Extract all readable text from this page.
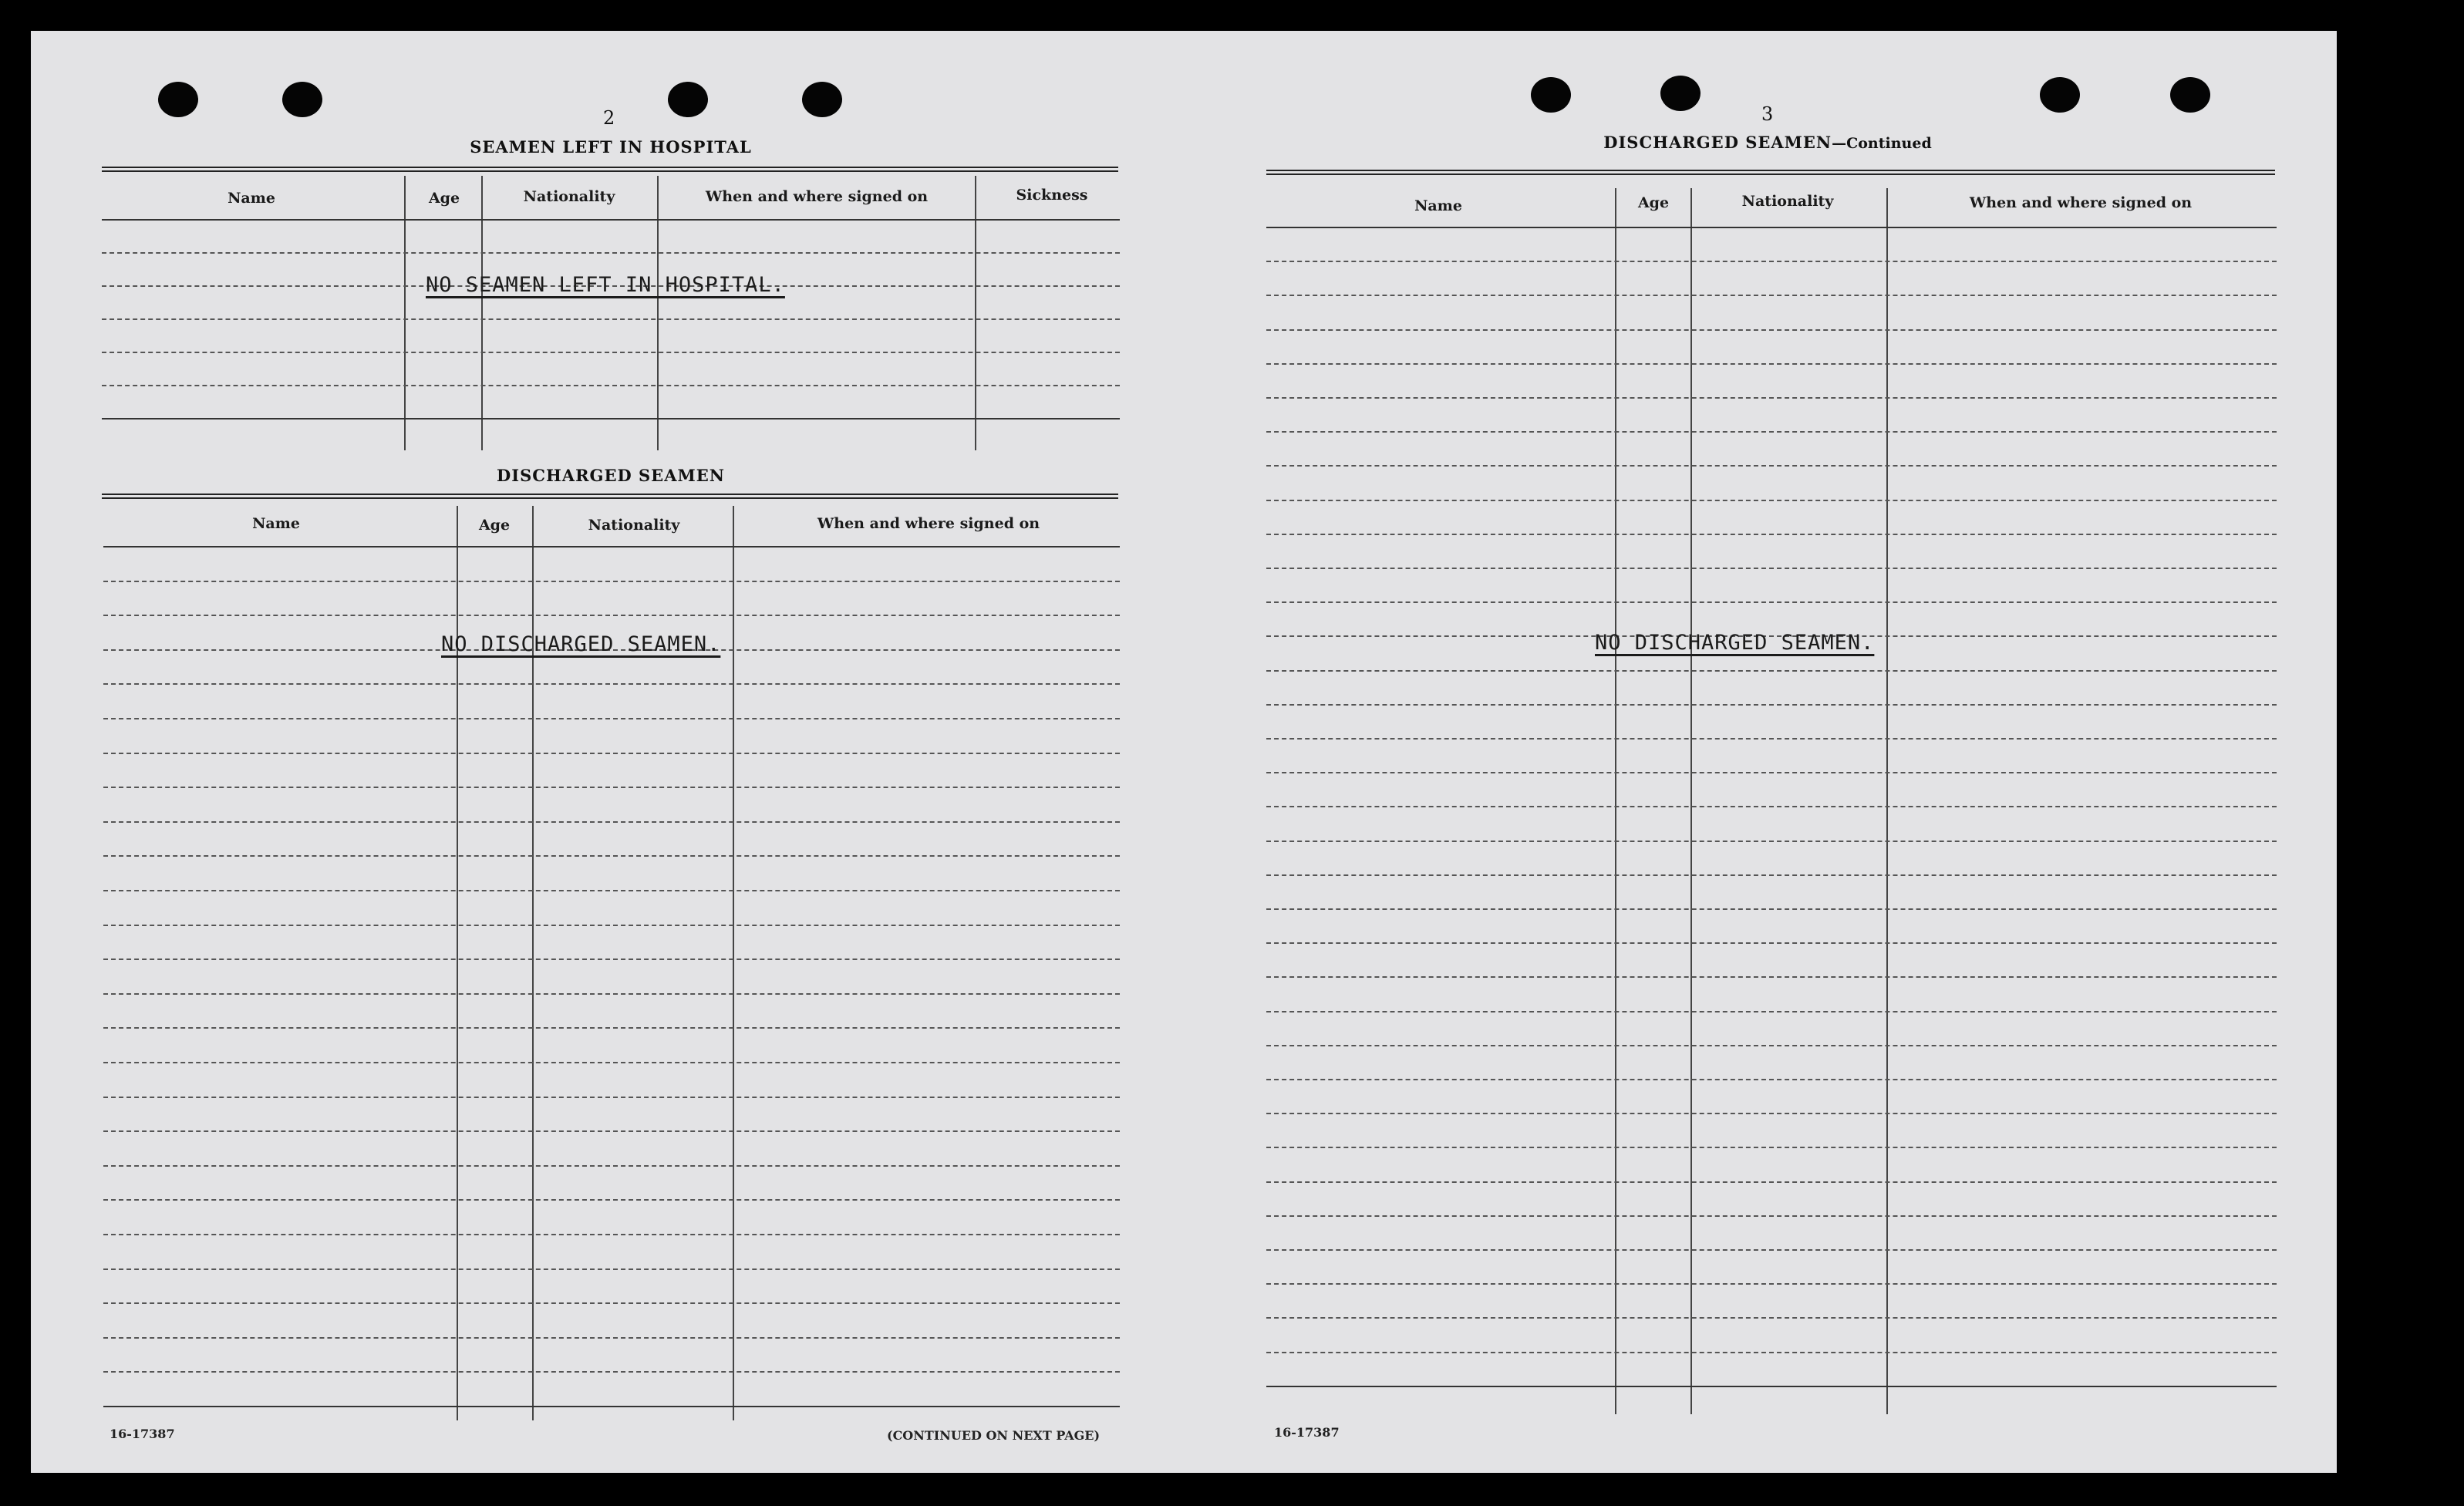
2
SEAMEN LEFT IN HOSPITAL
Name	Age	Nationality	When and where signed on	Sickness
NO SEAMEN LEFT IN HOSPITAL.
DISCHARGED SEAMEN
Name	Age	Nationality	When and where signed on
NO DISCHARGED SEAMEN.
16-17387	(CONTINUED ON NEXT PAGE)
3
DISCHARGED SEAMEN—Continued
Name	Age	Nationality	When and where signed on
NO DISCHARGED SEAMEN.
16-17387
